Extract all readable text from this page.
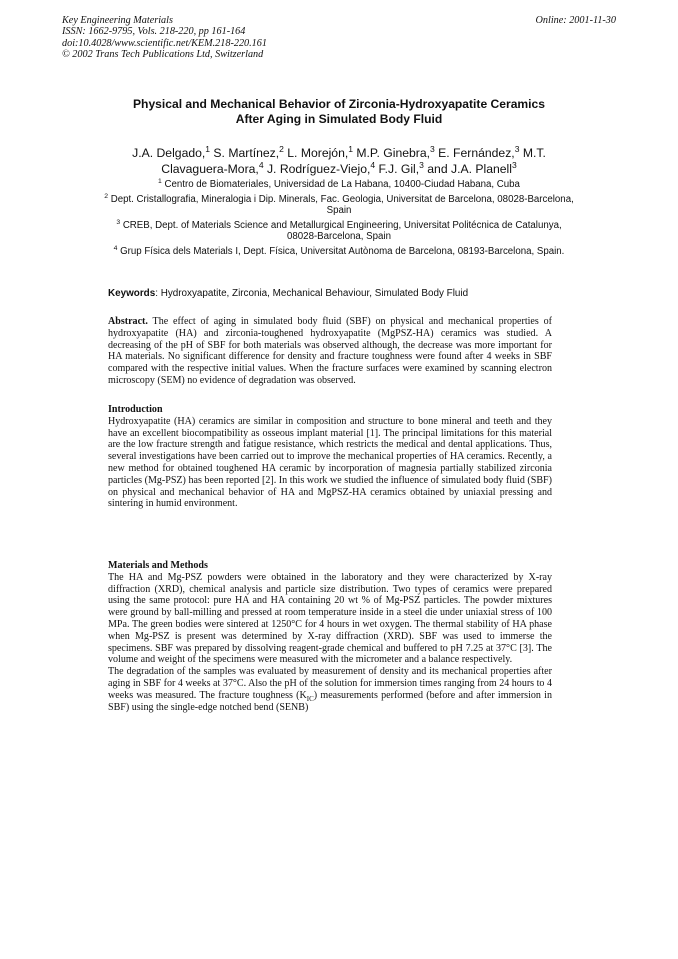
Key Engineering Materials
ISSN: 1662-9795, Vols. 218-220, pp 161-164
doi:10.4028/www.scientific.net/KEM.218-220.161
© 2002 Trans Tech Publications Ltd, Switzerland
Online: 2001-11-30
Physical and Mechanical Behavior of Zirconia-Hydroxyapatite Ceramics
After Aging in Simulated Body Fluid
J.A. Delgado,$^1$ S. Martínez,$^2$ L. Morejón,$^1$ M.P. Ginebra,$^3$ E. Fernández,$^3$ M.T. Clavaguera-Mora,$^4$ J. Rodríguez-Viejo,$^4$ F.J. Gil,$^3$ and J.A. Planell$^3$
$^1$ Centro de Biomateriales, Universidad de La Habana, 10400-Ciudad Habana, Cuba
$^2$ Dept. Cristallografia, Mineralogia i Dip. Minerals, Fac. Geologia, Universitat de Barcelona, 08028-Barcelona, Spain
$^3$ CREB, Dept. of Materials Science and Metallurgical Engineering, Universitat Politécnica de Catalunya, 08028-Barcelona, Spain
$^4$ Grup Física dels Materials I, Dept. Física, Universitat Autònoma de Barcelona, 08193-Barcelona, Spain.
Keywords: Hydroxyapatite, Zirconia, Mechanical Behaviour, Simulated Body Fluid

Abstract. The effect of aging in simulated body fluid (SBF) on physical and mechanical properties of hydroxyapatite (HA) and zirconia-toughened hydroxyapatite (MgPSZ-HA) ceramics was studied. A decreasing of the pH of SBF for both materials was observed although, the decrease was more important for HA materials. No significant difference for density and fracture toughness were found after 4 weeks in SBF compared with the respective initial values. When the fracture surfaces were examined by scanning electron microscopy (SEM) no evidence of degradation was observed.

Introduction

Hydroxyapatite (HA) ceramics are similar in composition and structure to bone mineral and teeth and they have an excellent biocompatibility as osseous implant material [1]. The principal limitations for this material are the low fracture strength and fatigue resistance, which restricts the medical and dental applications. Thus, several investigations have been carried out to improve the mechanical properties of HA ceramics. Recently, a new method for obtained toughened HA ceramic by incorporation of magnesia partially stabilized zirconia particles (Mg-PSZ) has been reported [2]. In this work we studied the influence of simulated body fluid (SBF) on physical and mechanical behavior of HA and MgPSZ-HA ceramics obtained by uniaxial pressing and sintering in humid environment.

Materials and Methods

The HA and Mg-PSZ powders were obtained in the laboratory and they were characterized by X-ray diffraction (XRD), chemical analysis and particle size distribution. Two types of ceramics were prepared using the same protocol: pure HA and HA containing 20 wt % of Mg-PSZ particles. The powder mixtures were ground by ball-milling and pressed at room temperature inside in a steel die under uniaxial stress of 100 MPa. The green bodies were sintered at 1250°C for 4 hours in wet oxygen. The thermal stability of HA phase when Mg-PSZ is present was determined by X-ray diffraction (XRD). SBF was used to immerse the specimens. SBF was prepared by dissolving reagent-grade chemical and buffered to pH 7.25 at 37°C [3]. The volume and weight of the specimens were measured with the micrometer and a balance respectively.

The degradation of the samples was evaluated by measurement of density and its mechanical properties after aging in SBF for 4 weeks at 37°C. Also the pH of the solution for immersion times ranging from 24 hours to 4 weeks was measured. The fracture toughness $(K_{IC})$ measurements performed (before and after immersion in SBF) using the single-edge notched bend (SENB)
